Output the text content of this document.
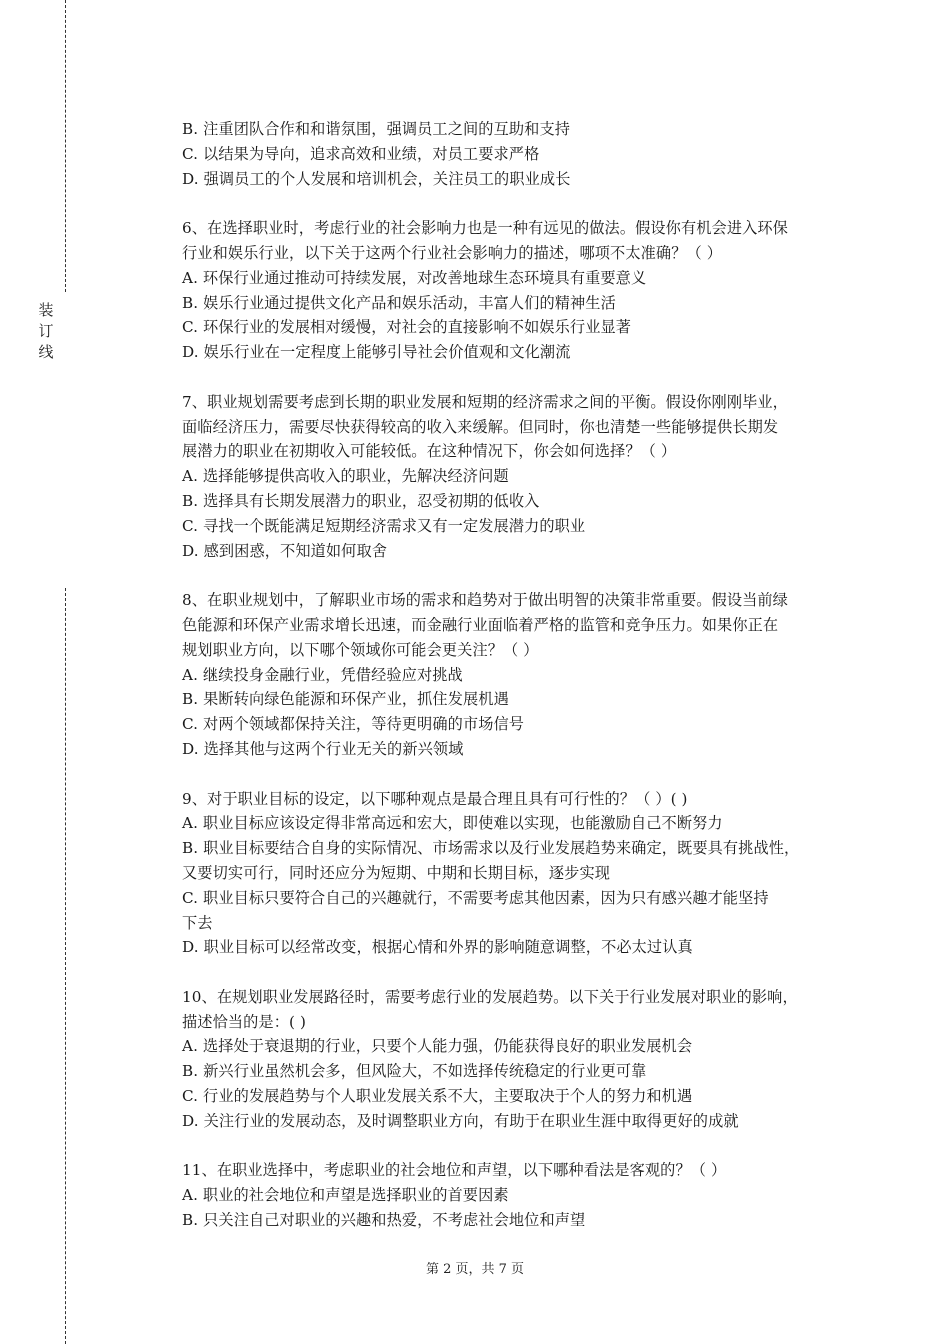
装
订
线
B. 注重团队合作和和谐氛围，强调员工之间的互助和支持
C. 以结果为导向，追求高效和业绩，对员工要求严格
D. 强调员工的个人发展和培训机会，关注员工的职业成长
6、在选择职业时，考虑行业的社会影响力也是一种有远见的做法。假设你有机会进入环保
行业和娱乐行业，以下关于这两个行业社会影响力的描述，哪项不太准确？（ ）
A. 环保行业通过推动可持续发展，对改善地球生态环境具有重要意义
B. 娱乐行业通过提供文化产品和娱乐活动，丰富人们的精神生活
C. 环保行业的发展相对缓慢，对社会的直接影响不如娱乐行业显著
D. 娱乐行业在一定程度上能够引导社会价值观和文化潮流
7、职业规划需要考虑到长期的职业发展和短期的经济需求之间的平衡。假设你刚刚毕业，
面临经济压力，需要尽快获得较高的收入来缓解。但同时，你也清楚一些能够提供长期发
展潜力的职业在初期收入可能较低。在这种情况下，你会如何选择？（ ）
A. 选择能够提供高收入的职业，先解决经济问题
B. 选择具有长期发展潜力的职业，忍受初期的低收入
C. 寻找一个既能满足短期经济需求又有一定发展潜力的职业
D. 感到困惑，不知道如何取舍
8、在职业规划中，了解职业市场的需求和趋势对于做出明智的决策非常重要。假设当前绿
色能源和环保产业需求增长迅速，而金融行业面临着严格的监管和竞争压力。如果你正在
规划职业方向，以下哪个领域你可能会更关注？（ ）
A. 继续投身金融行业，凭借经验应对挑战
B. 果断转向绿色能源和环保产业，抓住发展机遇
C. 对两个领域都保持关注，等待更明确的市场信号
D. 选择其他与这两个行业无关的新兴领域
9、对于职业目标的设定，以下哪种观点是最合理且具有可行性的？（ ）( )
A. 职业目标应该设定得非常高远和宏大，即使难以实现，也能激励自己不断努力
B. 职业目标要结合自身的实际情况、市场需求以及行业发展趋势来确定，既要具有挑战性，
又要切实可行，同时还应分为短期、中期和长期目标，逐步实现
C. 职业目标只要符合自己的兴趣就行，不需要考虑其他因素，因为只有感兴趣才能坚持
下去
D. 职业目标可以经常改变，根据心情和外界的影响随意调整，不必太过认真
10、在规划职业发展路径时，需要考虑行业的发展趋势。以下关于行业发展对职业的影响，
描述恰当的是：( )
A. 选择处于衰退期的行业，只要个人能力强，仍能获得良好的职业发展机会
B. 新兴行业虽然机会多，但风险大，不如选择传统稳定的行业更可靠
C. 行业的发展趋势与个人职业发展关系不大，主要取决于个人的努力和机遇
D. 关注行业的发展动态，及时调整职业方向，有助于在职业生涯中取得更好的成就
11、在职业选择中，考虑职业的社会地位和声望，以下哪种看法是客观的？（ ）
A. 职业的社会地位和声望是选择职业的首要因素
B. 只关注自己对职业的兴趣和热爱，不考虑社会地位和声望
第 2 页，共 7 页
